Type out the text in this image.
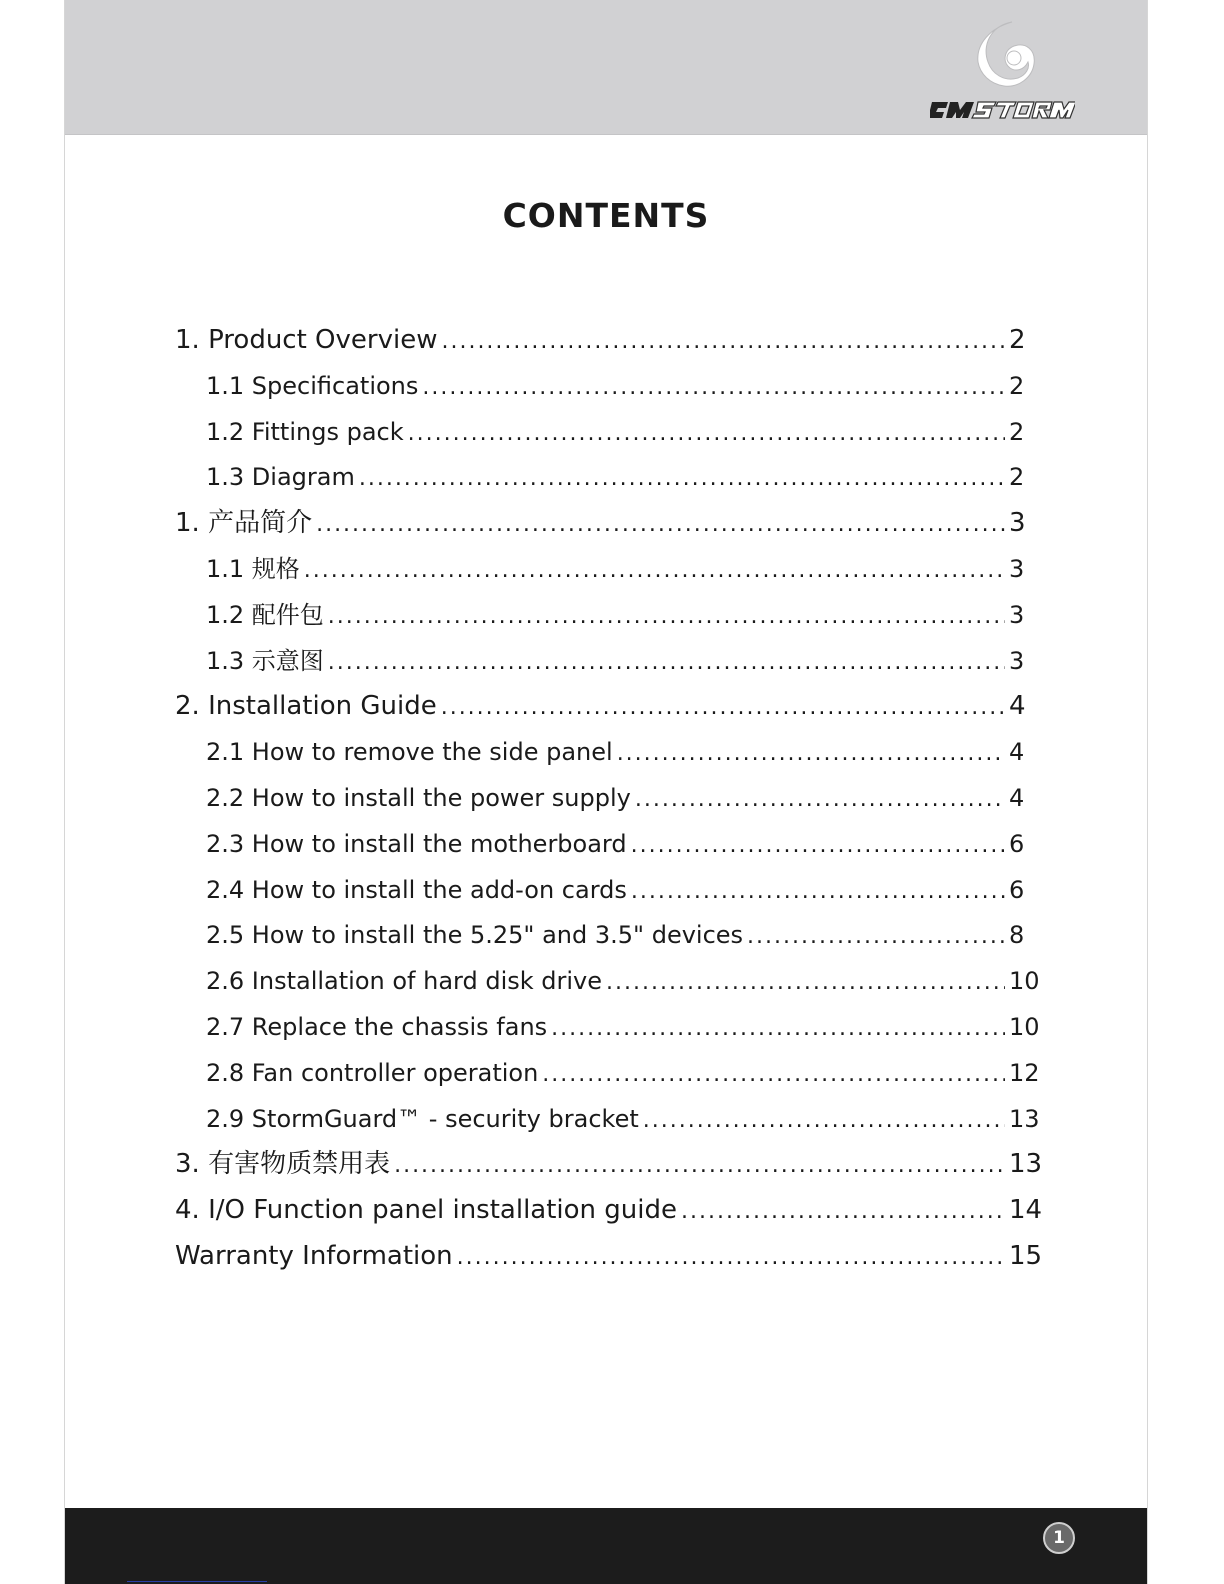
CONTENTS
1. Product Overview .....	2
1.1 Specifications .....	2
1.2 Fittings pack .....	2
1.3 Diagram .....	2
1. 产品简介 .....	3
1.1 规格 .....	3
1.2 配件包 .....	3
1.3 示意图 .....	3
2. Installation Guide .....	4
2.1 How to remove the side panel .....	4
2.2 How to install the power supply .....	4
2.3 How to install the motherboard .....	6
2.4 How to install the add-on cards .....	6
2.5 How to install the 5.25" and 3.5" devices .....	8
2.6 Installation of hard disk drive .....	10
2.7 Replace the chassis fans .....	10
2.8 Fan controller operation .....	12
2.9 StormGuard™ - security bracket .....	13
3. 有害物质禁用表 .....	13
4. I/O Function panel installation guide .....	14
Warranty Information .....	15
1
